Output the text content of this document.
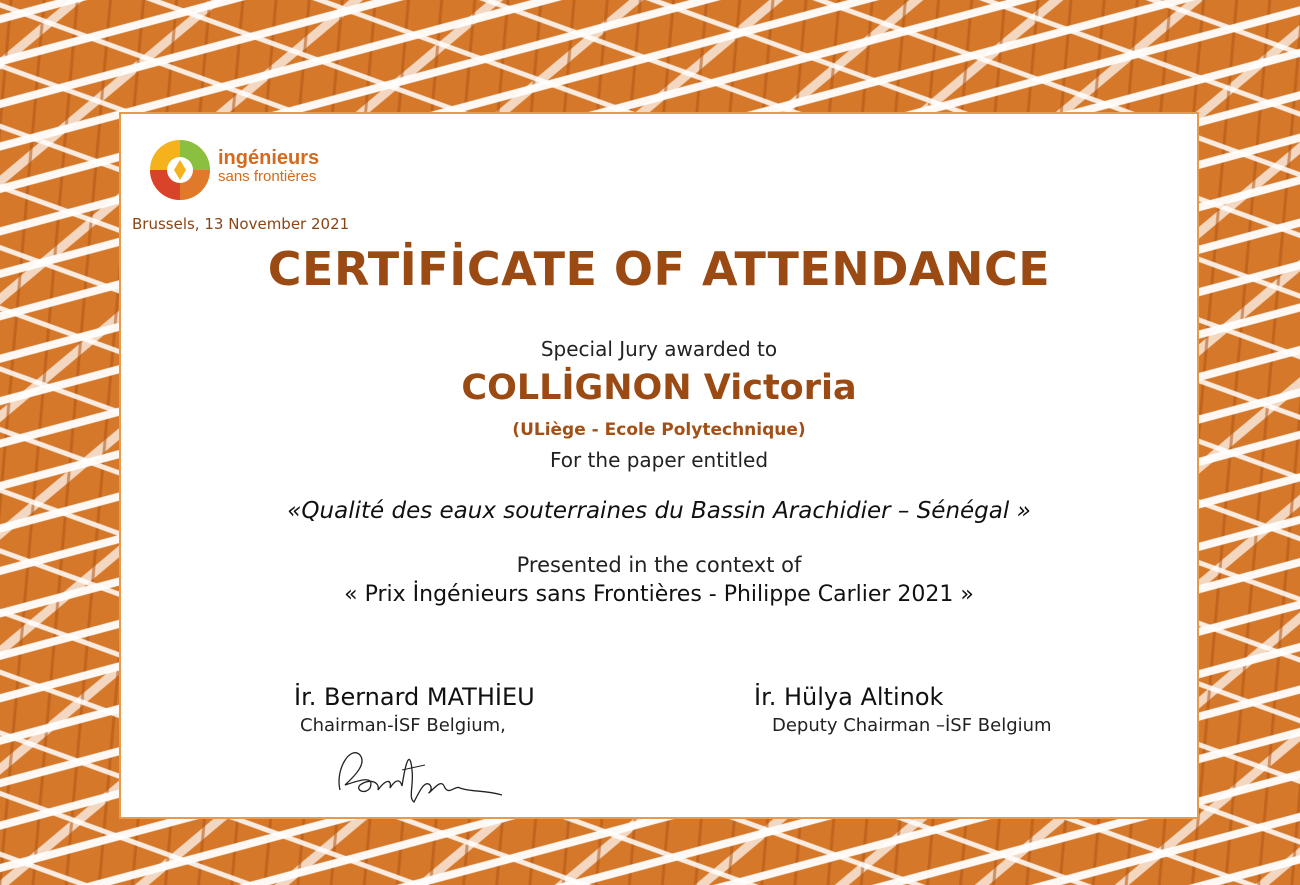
ingénieurs
sans frontières
Brussels, 13 November 2021
CERTİFİCATE OF ATTENDANCE
Special Jury awarded to
COLLİGNON Victoria
(ULiège - Ecole Polytechnique)
For the paper entitled
«Qualité des eaux souterraines du Bassin Arachidier – Sénégal »
Presented in the context of
« Prix İngénieurs sans Frontières - Philippe Carlier 2021 »
İr. Bernard MATHİEU
Chairman-İSF Belgium,
İr. Hülya Altinok
Deputy Chairman –İSF Belgium
